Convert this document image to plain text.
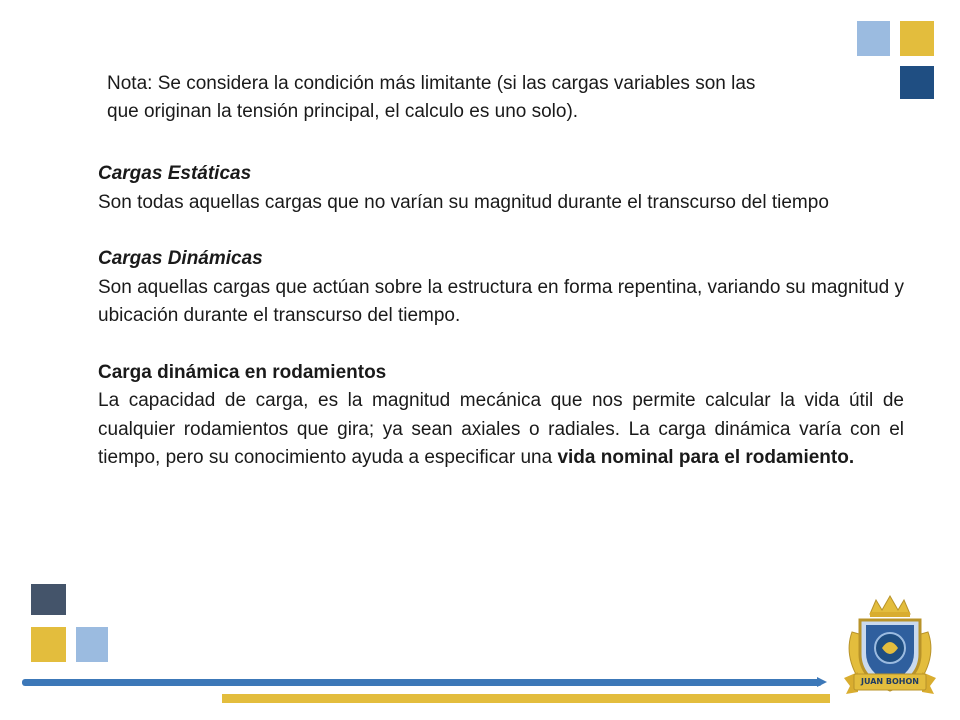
Nota: Se considera la condición más limitante (si las cargas variables son las
que originan la tensión principal, el calculo es uno solo).

Cargas Estáticas

Son todas aquellas cargas que no varían su magnitud durante el transcurso del tiempo

Cargas Dinámicas

Son aquellas cargas que actúan sobre la estructura en forma repentina, variando su magnitud y ubicación durante el transcurso del tiempo.

Carga dinámica en rodamientos

La capacidad de carga, es la magnitud mecánica que nos permite calcular la vida útil de cualquier rodamientos que gira; ya sean axiales o radiales. La carga dinámica varía con el tiempo, pero su conocimiento ayuda a especificar una vida nominal para el rodamiento.

JUAN BOHON
